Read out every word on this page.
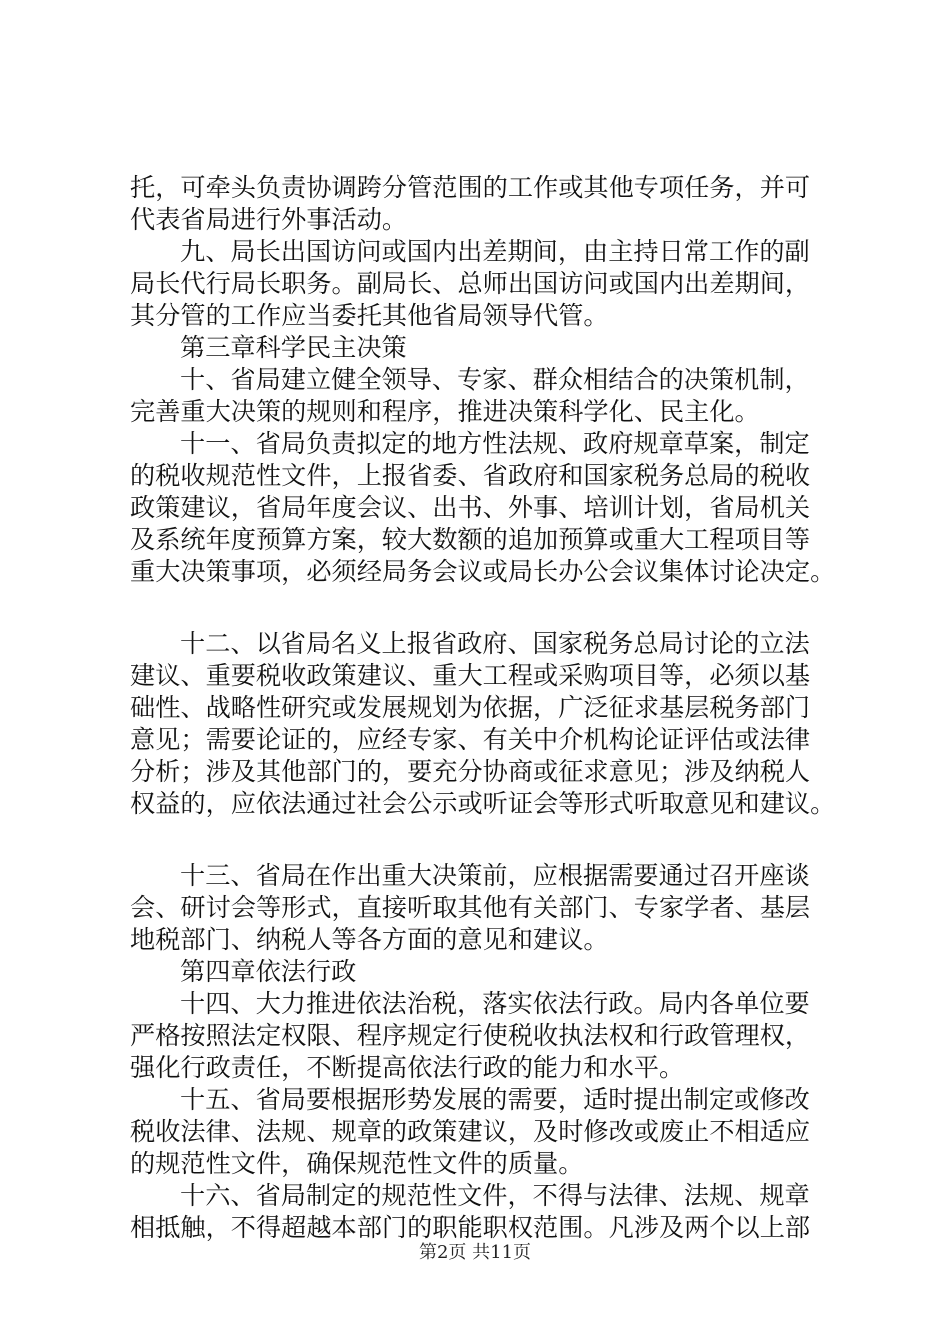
托，可牵头负责协调跨分管范围的工作或其他专项任务，并可
代表省局进行外事活动。
九、局长出国访问或国内出差期间，由主持日常工作的副
局长代行局长职务。副局长、总师出国访问或国内出差期间，
其分管的工作应当委托其他省局领导代管。
第三章科学民主决策
十、省局建立健全领导、专家、群众相结合的决策机制，
完善重大决策的规则和程序，推进决策科学化、民主化。
十一、省局负责拟定的地方性法规、政府规章草案，制定
的税收规范性文件，上报省委、省政府和国家税务总局的税收
政策建议，省局年度会议、出书、外事、培训计划，省局机关
及系统年度预算方案，较大数额的追加预算或重大工程项目等
重大决策事项，必须经局务会议或局长办公会议集体讨论决定。
十二、以省局名义上报省政府、国家税务总局讨论的立法
建议、重要税收政策建议、重大工程或采购项目等，必须以基
础性、战略性研究或发展规划为依据，广泛征求基层税务部门
意见；需要论证的，应经专家、有关中介机构论证评估或法律
分析；涉及其他部门的，要充分协商或征求意见；涉及纳税人
权益的，应依法通过社会公示或听证会等形式听取意见和建议。
十三、省局在作出重大决策前，应根据需要通过召开座谈
会、研讨会等形式，直接听取其他有关部门、专家学者、基层
地税部门、纳税人等各方面的意见和建议。
第四章依法行政
十四、大力推进依法治税，落实依法行政。局内各单位要
严格按照法定权限、程序规定行使税收执法权和行政管理权，
强化行政责任，不断提高依法行政的能力和水平。
十五、省局要根据形势发展的需要，适时提出制定或修改
税收法律、法规、规章的政策建议，及时修改或废止不相适应
的规范性文件，确保规范性文件的质量。
十六、省局制定的规范性文件，不得与法律、法规、规章
相抵触，不得超越本部门的职能职权范围。凡涉及两个以上部
第2页 共11页
